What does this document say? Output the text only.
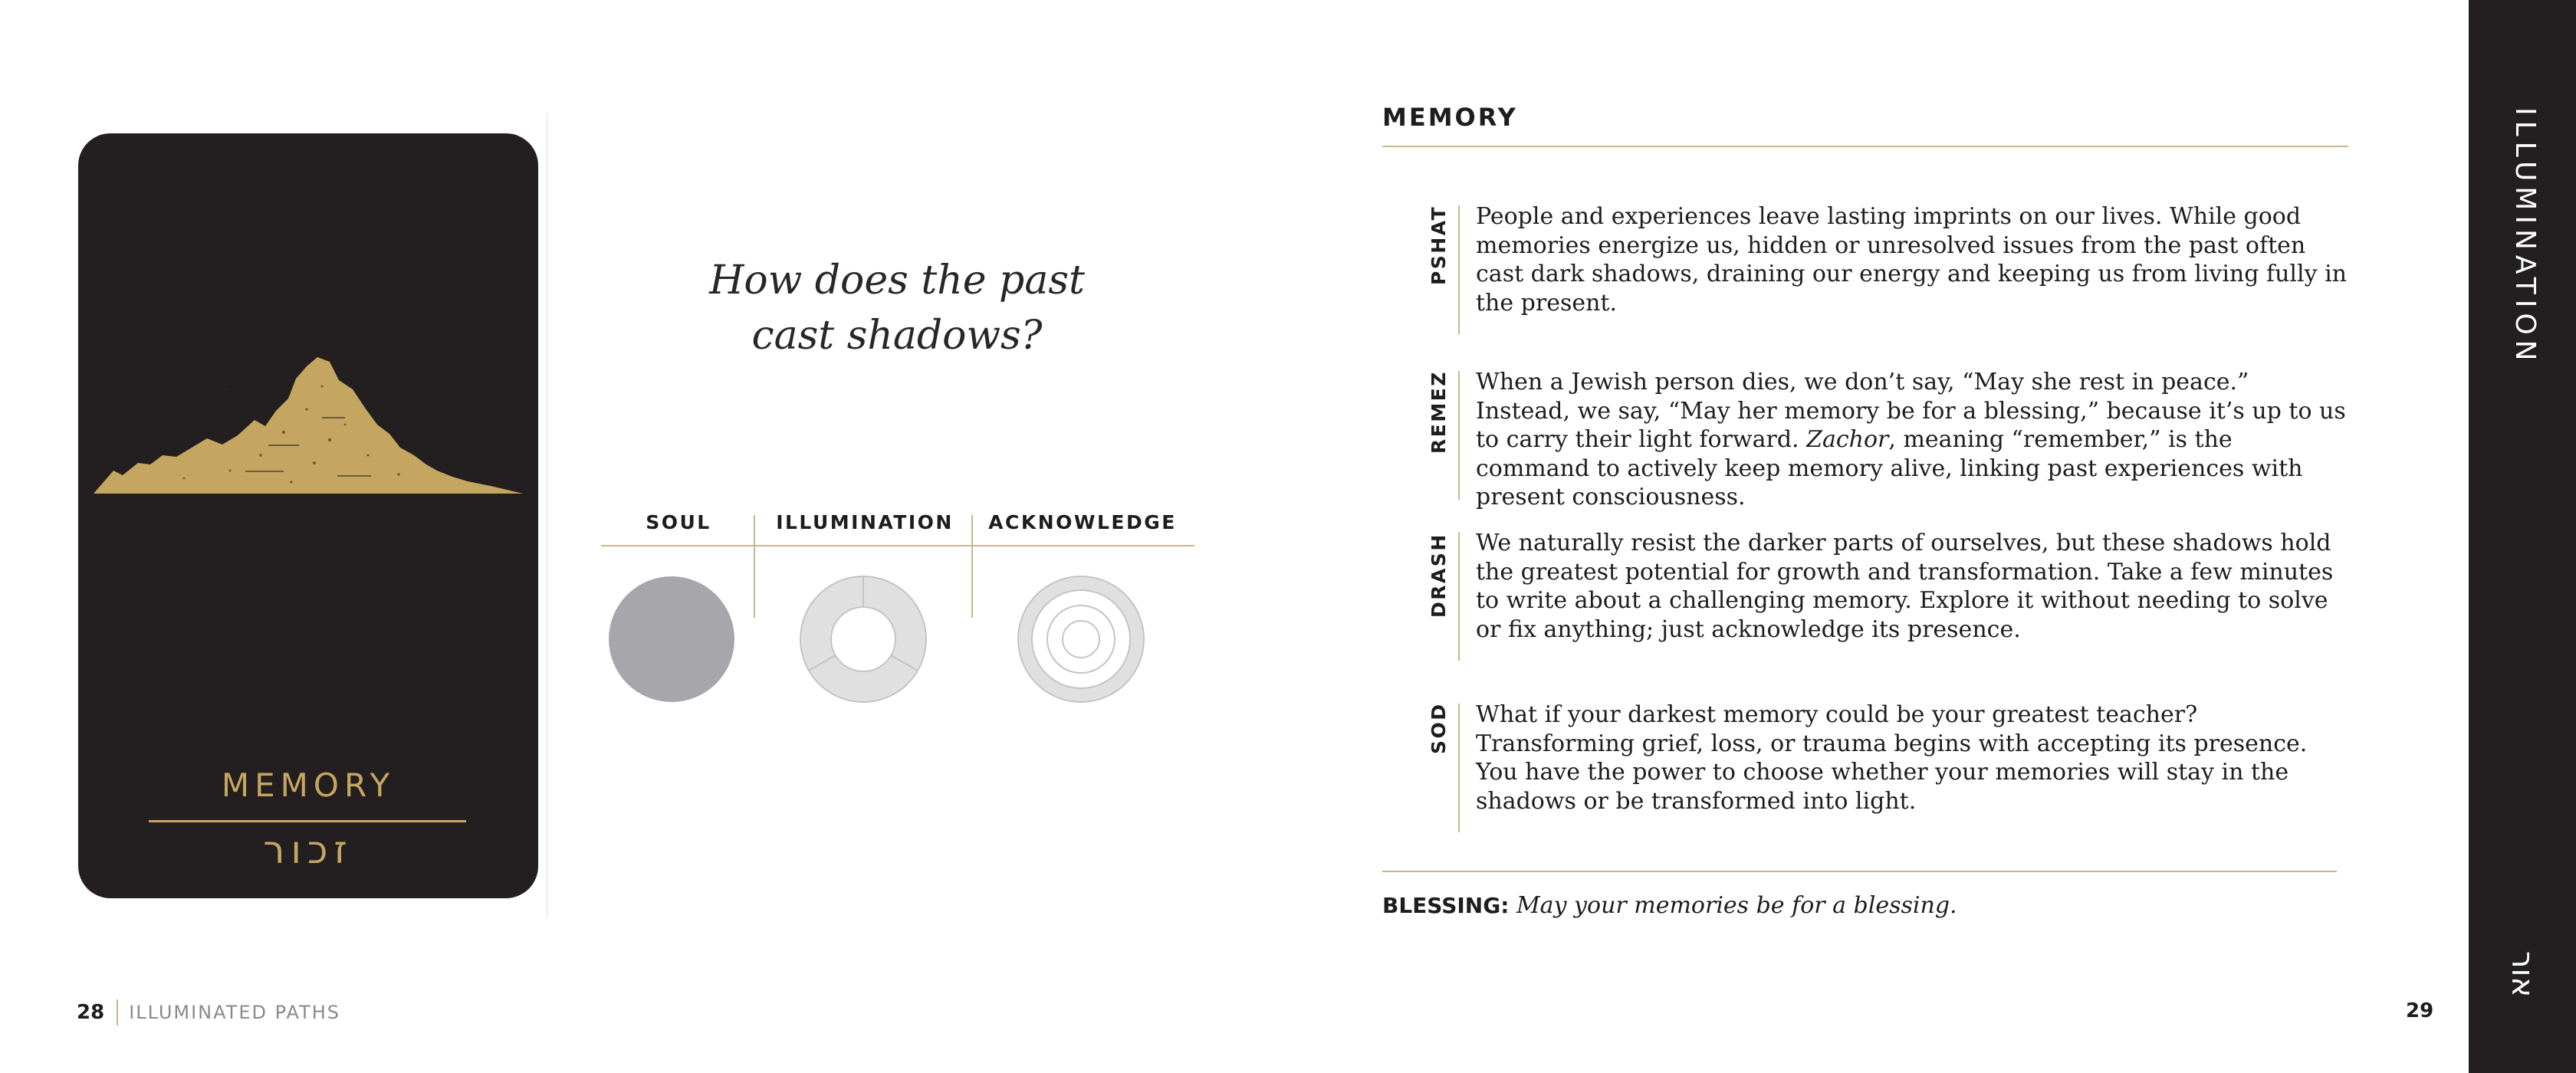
MEMORY
זכור
How does the past
cast shadows?
SOUL	ILLUMINATION	ACKNOWLEDGE
MEMORY
PSHAT People and experiences leave lasting imprints on our lives. While good memories energize us, hidden or unresolved issues from the past often cast dark shadows, draining our energy and keeping us from living fully in the present.

REMEZ When a Jewish person dies, we don’t say, “May she rest in peace.” Instead, we say, “May her memory be for a blessing,” because it’s up to us to carry their light forward. Zachor, meaning “remember,” is the command to actively keep memory alive, linking past experiences with present consciousness.

DRASH We naturally resist the darker parts of ourselves, but these shadows hold the greatest potential for growth and transformation. Take a few minutes to write about a challenging memory. Explore it without needing to solve or fix anything; just acknowledge its presence.

SOD What if your darkest memory could be your greatest teacher? Transforming grief, loss, or trauma begins with accepting its presence. You have the power to choose whether your memories will stay in the shadows or be transformed into light.

BLESSING: May your memories be for a blessing.
ILLUMINATION
אור
28 ILLUMINATED PATHS	29
